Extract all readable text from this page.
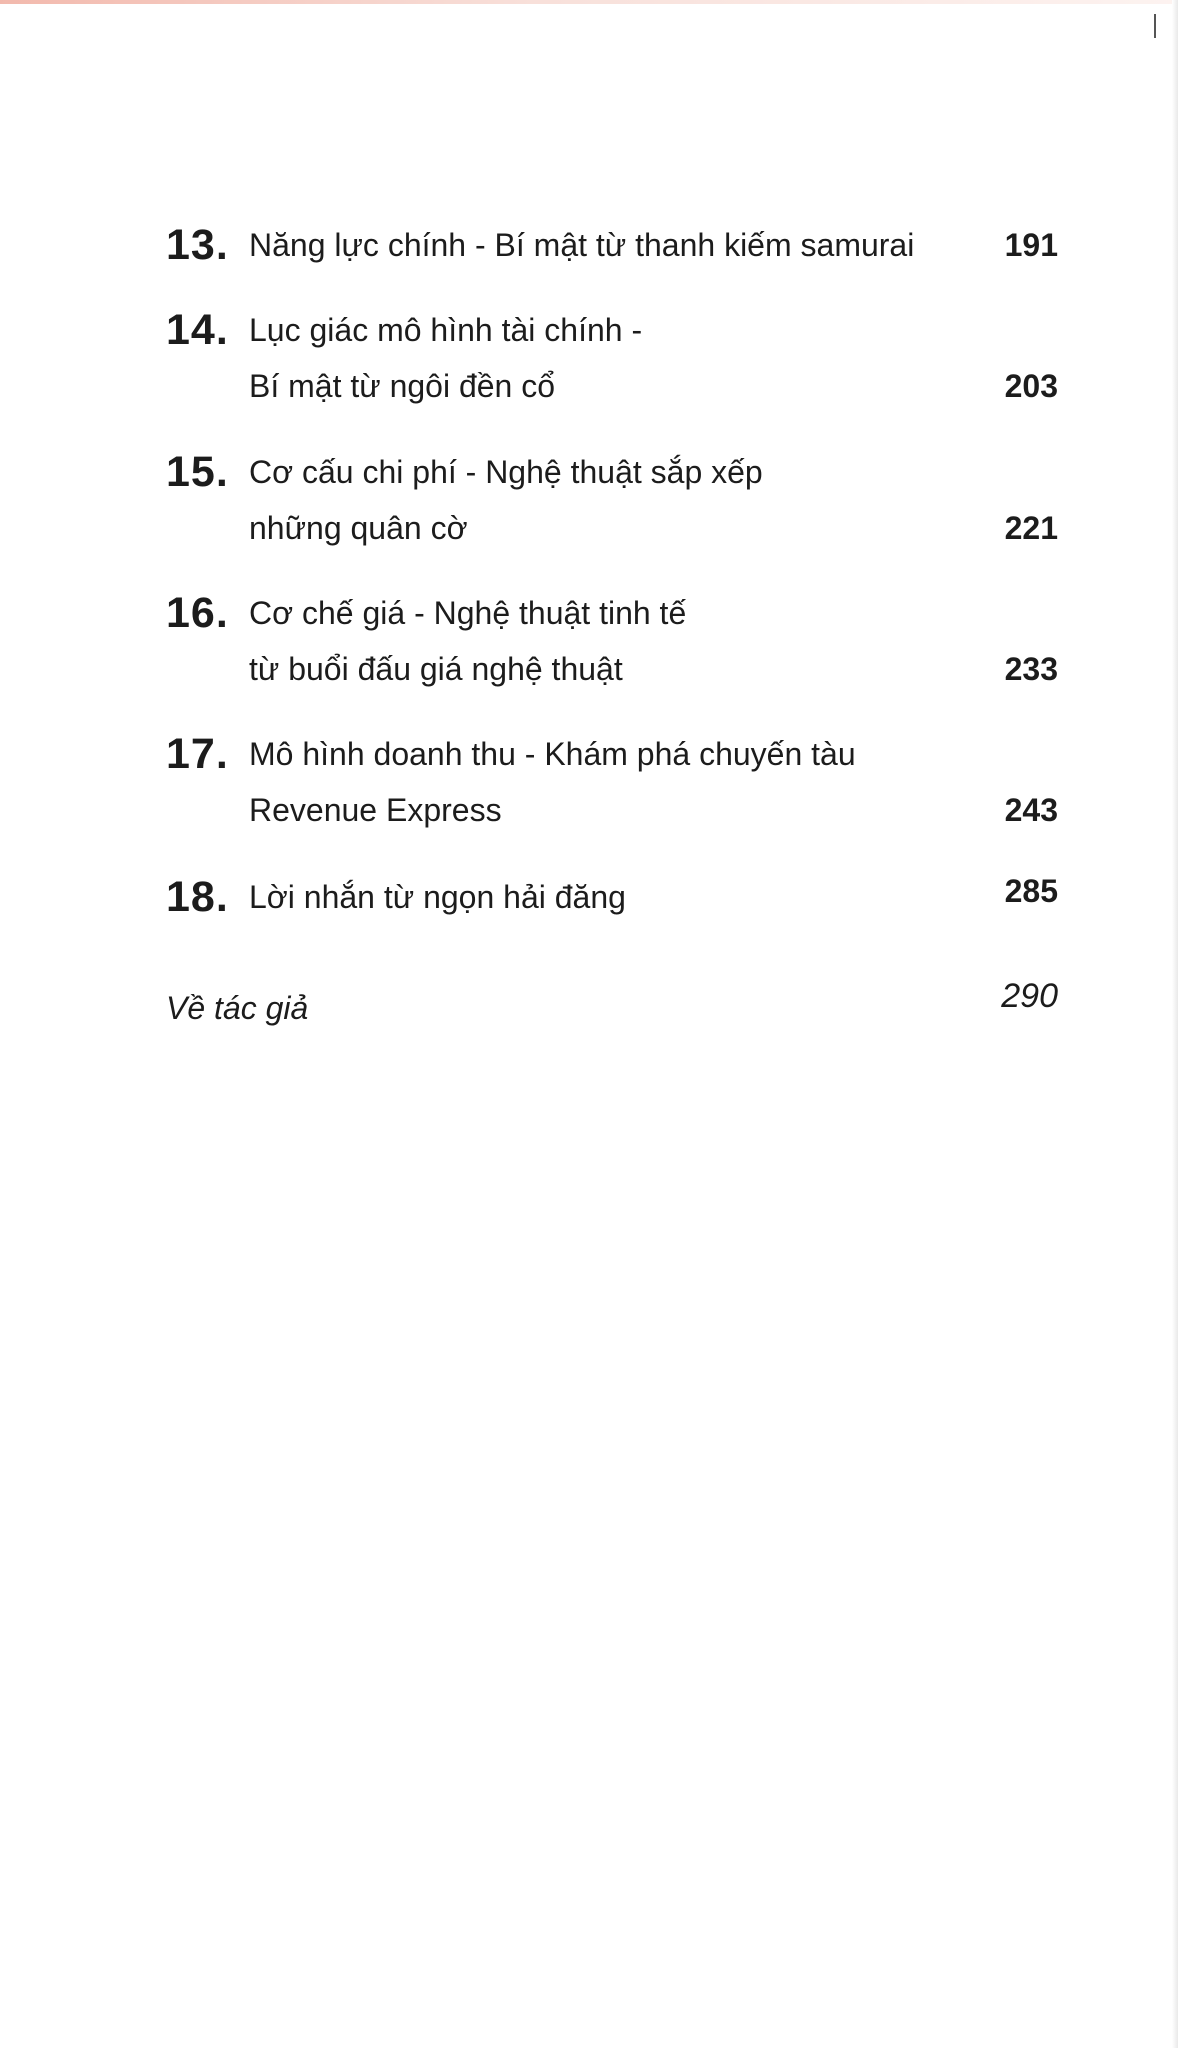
13. Năng lực chính - Bí mật từ thanh kiếm samurai	191
14. Lục giác mô hình tài chính -
Bí mật từ ngôi đền cổ	203
15. Cơ cấu chi phí - Nghệ thuật sắp xếp
những quân cờ	221
16. Cơ chế giá - Nghệ thuật tinh tế
từ buổi đấu giá nghệ thuật	233
17. Mô hình doanh thu - Khám phá chuyến tàu
Revenue Express	243
18. Lời nhắn từ ngọn hải đăng	285
Về tác giả	290
